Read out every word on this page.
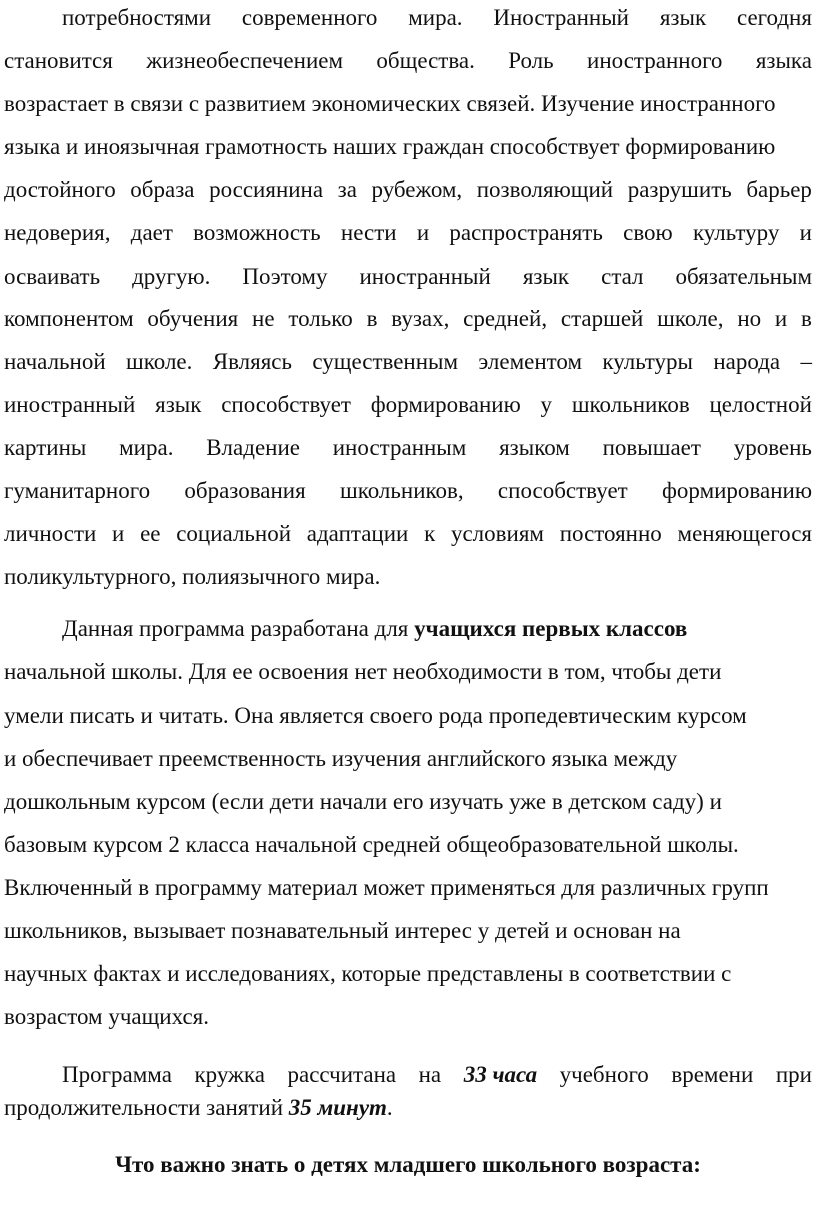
потребностями современного мира. Иностранный язык сегодня
становится жизнеобеспечением общества. Роль иностранного языка
возрастает в связи с развитием экономических связей. Изучение иностранного
языка и иноязычная грамотность наших граждан способствует формированию
достойного образа россиянина за рубежом, позволяющий разрушить барьер
недоверия, дает возможность нести и распространять свою культуру и
осваивать другую. Поэтому иностранный язык стал обязательным
компонентом обучения не только в вузах, средней, старшей школе, но и в
начальной школе. Являясь существенным элементом культуры народа –
иностранный язык способствует формированию у школьников целостной
картины мира. Владение иностранным языком повышает уровень
гуманитарного образования школьников, способствует формированию
личности и ее социальной адаптации к условиям постоянно меняющегося
поликультурного, полиязычного мира.
Данная программа разработана для учащихся первых классов
начальной школы. Для ее освоения нет необходимости в том, чтобы дети
умели писать и читать. Она является своего рода пропедевтическим курсом
и обеспечивает преемственность изучения английского языка между
дошкольным курсом (если дети начали его изучать уже в детском саду) и
базовым курсом 2 класса начальной средней общеобразовательной школы.
Включенный в программу материал может применяться для различных групп
школьников, вызывает познавательный интерес у детей и основан на
научных фактах и исследованиях, которые представлены в соответствии с
возрастом учащихся.
Программа кружка рассчитана на 33 часа учебного времени при
продолжительности занятий 35 минут.
Что важно знать о детях младшего школьного возраста:
